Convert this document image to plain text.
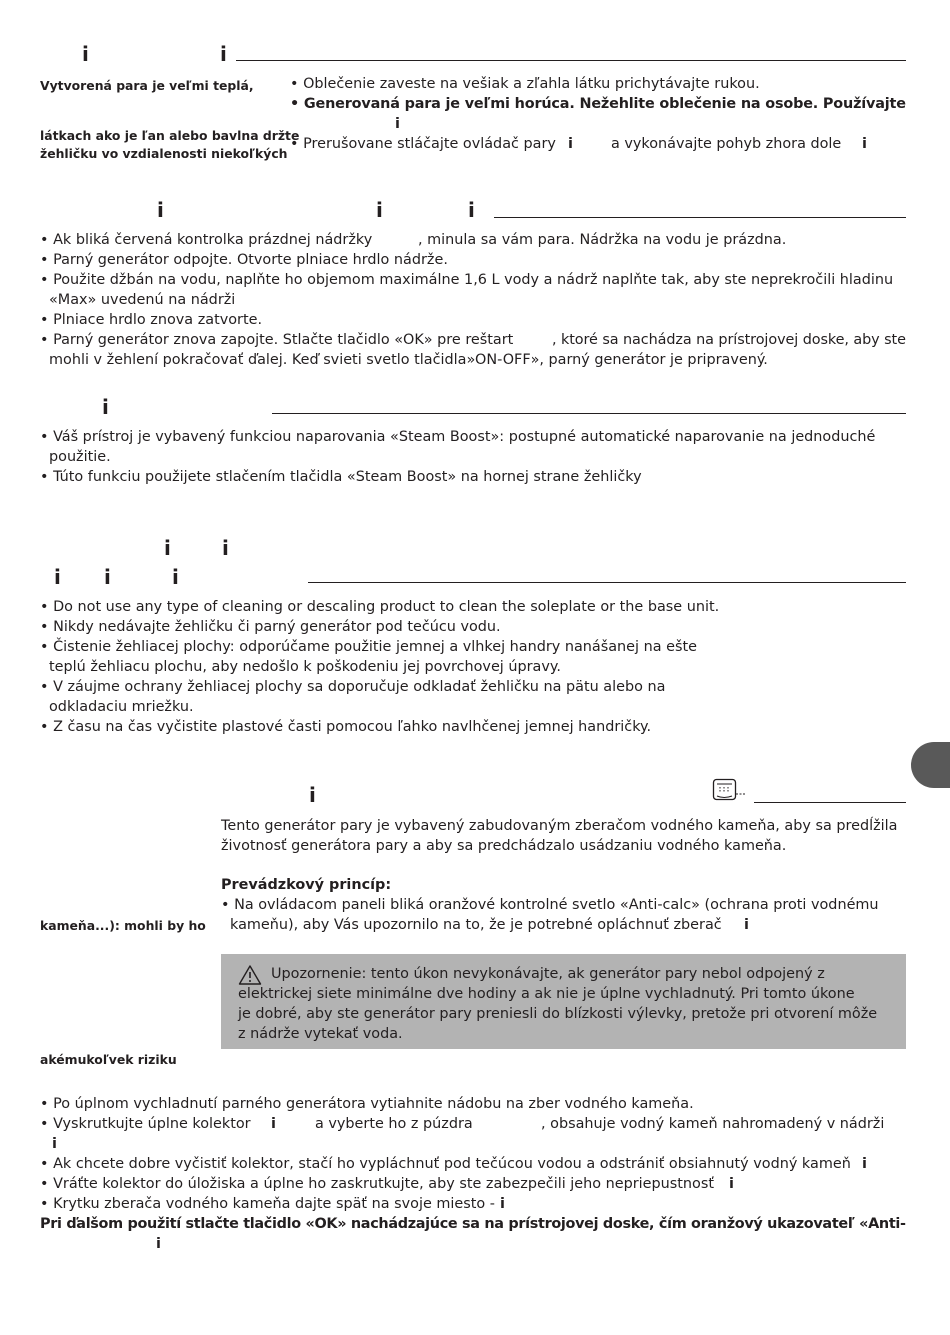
i	i
Vytvorená para je veľmi teplá,
látkach ako je ľan alebo bavlna držte
žehličku vo vzdialenosti niekoľkých
• Oblečenie zaveste na vešiak a zľahla látku prichytávajte rukou.
• Generovaná para je veľmi horúca. Nežehlite oblečenie na osobe. Používajte
i
• Prerušovane stláčajte ovládač pary i	a vykonávajte pohyb zhora dole i
i	i	i
• Ak bliká červená kontrolka prázdnej nádržky	, minula sa vám para. Nádržka na vodu je prázdna.
• Parný generátor odpojte. Otvorte plniace hrdlo nádrže.
• Použite džbán na vodu, naplňte ho objemom maximálne 1,6 L vody a nádrž naplňte tak, aby ste neprekročili hladinu
«Max» uvedenú na nádrži
• Plniace hrdlo znova zatvorte.
• Parný generátor znova zapojte. Stlačte tlačidlo «OK» pre reštart	, ktoré sa nachádza na prístrojovej doske, aby ste
mohli v žehlení pokračovať ďalej. Keď svieti svetlo tlačidla»ON-OFF», parný generátor je pripravený.
i
• Váš prístroj je vybavený funkciou naparovania «Steam Boost»: postupné automatické naparovanie na jednoduché
použitie.
• Túto funkciu použijete stlačením tlačidla «Steam Boost» na hornej strane žehličky
i	i
i i	i
• Do not use any type of cleaning or descaling product to clean the soleplate or the base unit.
• Nikdy nedávajte žehličku či parný generátor pod tečúcu vodu.
• Čistenie žehliacej plochy: odporúčame použitie jemnej a vlhkej handry nanášanej na ešte
teplú žehliacu plochu, aby nedošlo k poškodeniu jej povrchovej úpravy.
• V záujme ochrany žehliacej plochy sa doporučuje odkladať žehličku na pätu alebo na
odkladaciu mriežku.
• Z času na čas vyčistite plastové časti pomocou ľahko navlhčenej jemnej handričky.
i
Tento generátor pary je vybavený zabudovaným zberačom vodného kameňa, aby sa predĺžila
životnosť generátora pary a aby sa predchádzalo usádzaniu vodného kameňa.
Prevádzkový princíp:
• Na ovládacom paneli bliká oranžové kontrolné svetlo «Anti-calc» (ochrana proti vodnému
kameňu), aby Vás upozornilo na to, že je potrebné opláchnuť zberač i
kameňa...): mohli by ho
Upozornenie: tento úkon nevykonávajte, ak generátor pary nebol odpojený z
elektrickej siete minimálne dve hodiny a ak nie je úplne vychladnutý. Pri tomto úkone
je dobré, aby ste generátor pary preniesli do blízkosti výlevky, pretože pri otvorení môže
z nádrže vytekať voda.
akémukoľvek riziku
• Po úplnom vychladnutí parného generátora vytiahnite nádobu na zber vodného kameňa.
• Vyskrutkujte úplne kolektor i	a vyberte ho z púzdra	, obsahuje vodný kameň nahromadený v nádrži
i
• Ak chcete dobre vyčistiť kolektor, stačí ho vypláchnuť pod tečúcou vodou a odstrániť obsiahnutý vodný kameň i
• Vráťte kolektor do úložiska a úplne ho zaskrutkujte, aby ste zabezpečili jeho nepriepustnosť i
• Krytku zberača vodného kameňa dajte späť na svoje miesto - i
Pri ďalšom použití stlačte tlačidlo «OK» nachádzajúce sa na prístrojovej doske, čím oranžový ukazovateľ «Anti-
i
